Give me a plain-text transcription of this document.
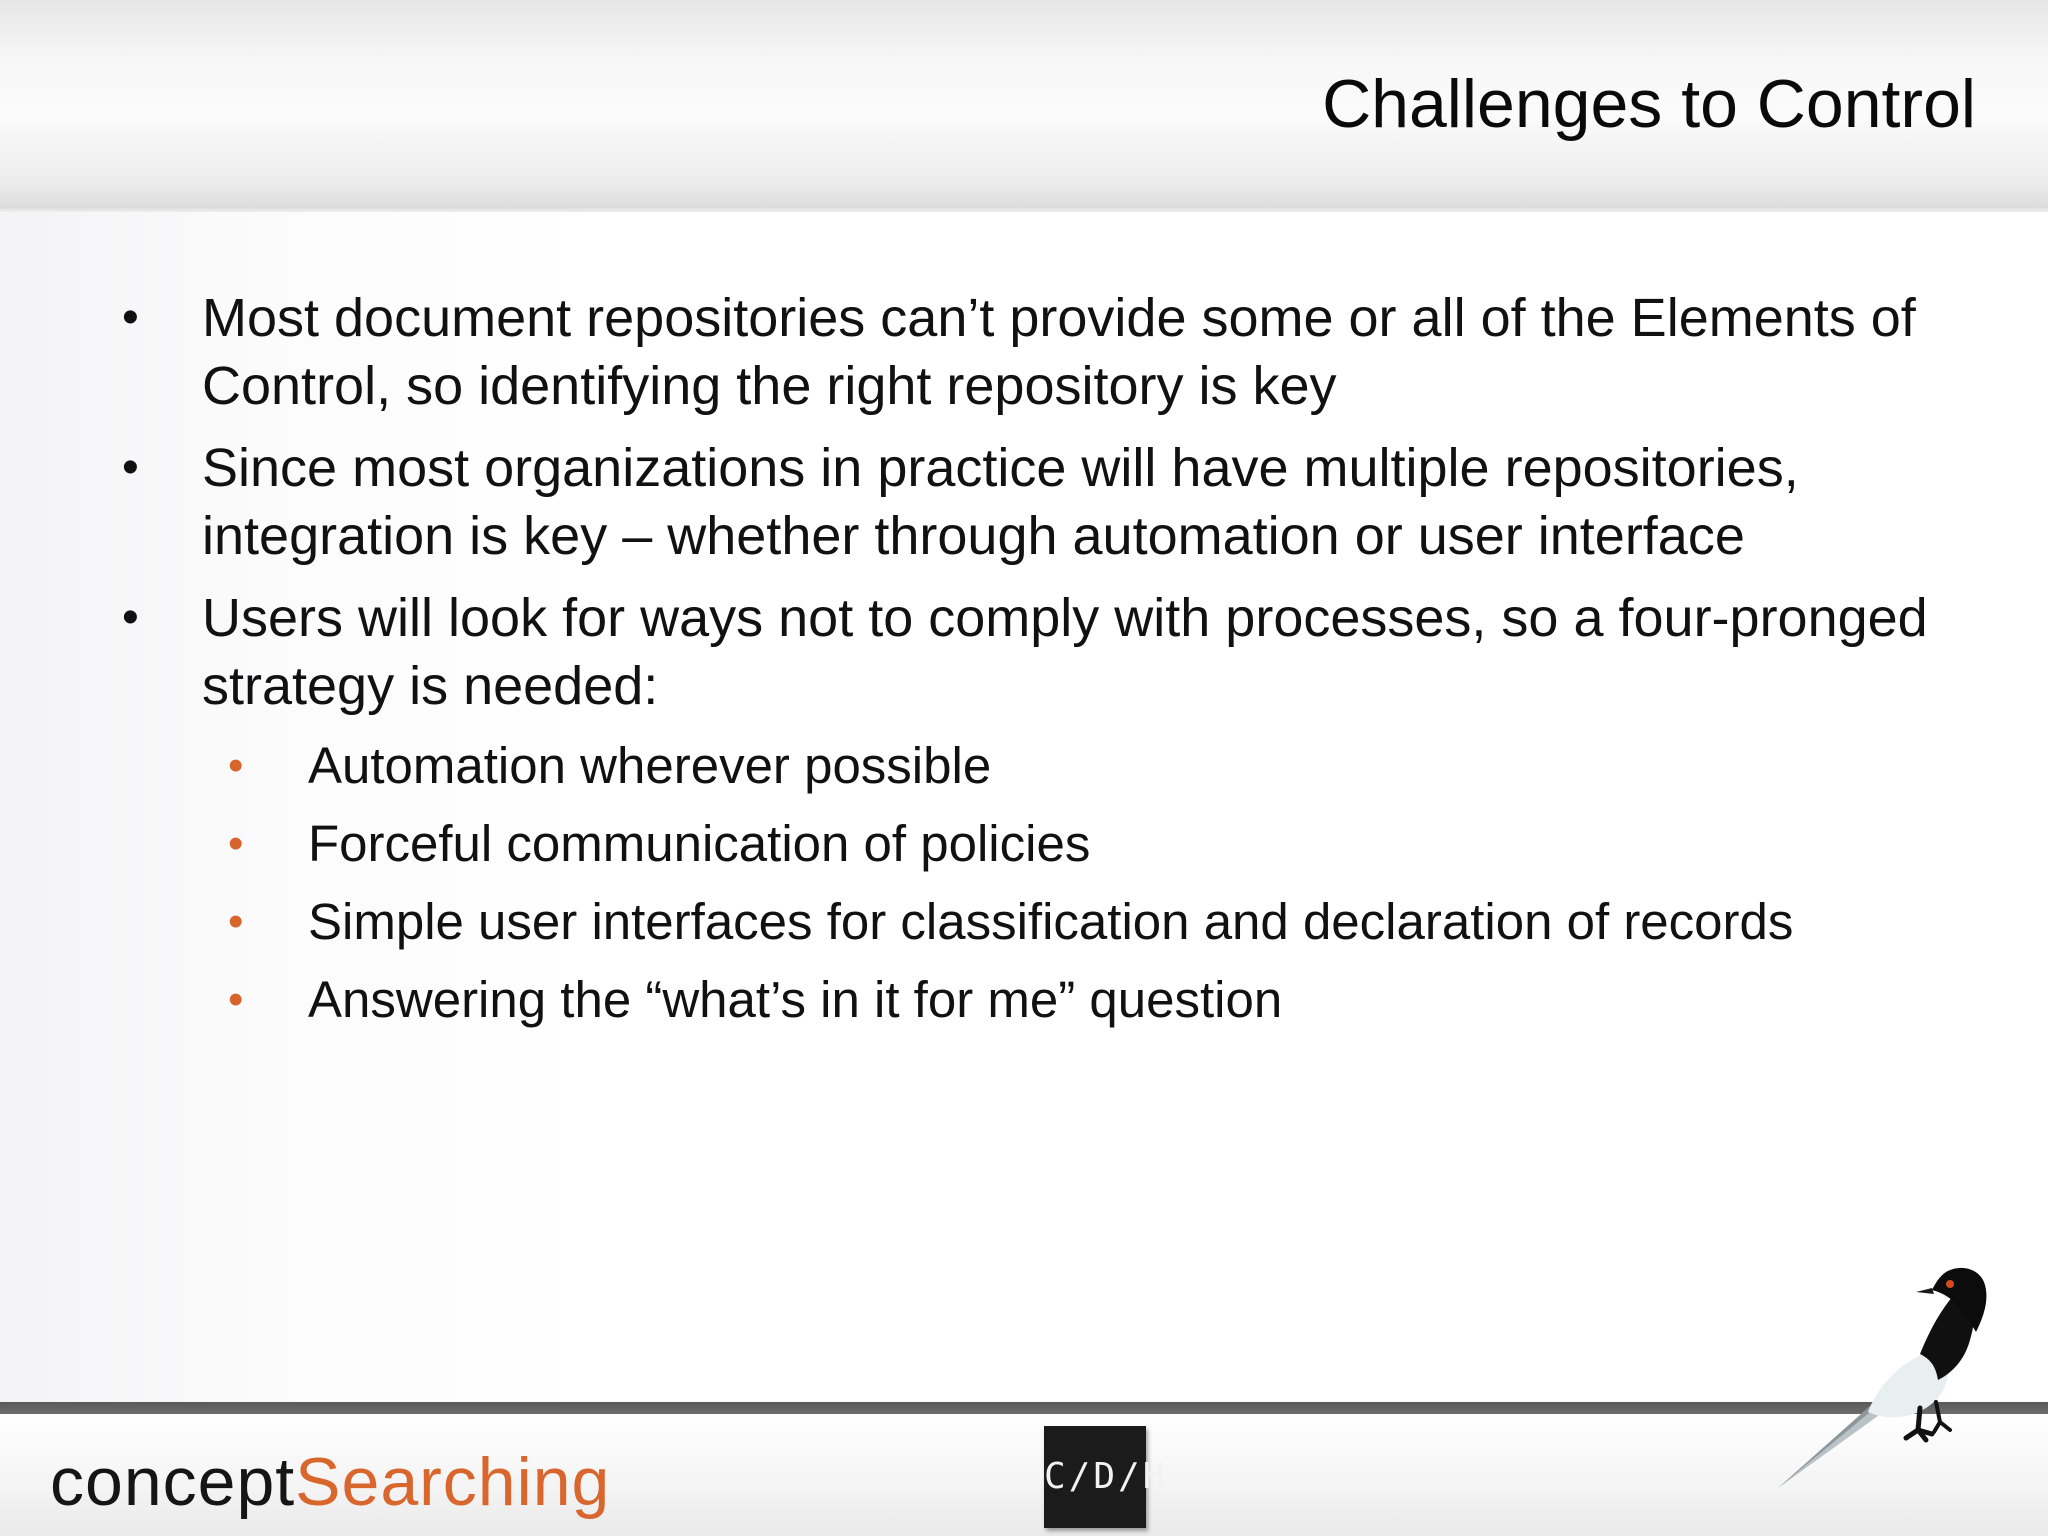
Challenges to Control
• Most document repositories can’t provide some or all of the Elements of Control, so identifying the right repository is key
• Since most organizations in practice will have multiple repositories, integration is key – whether through automation or user interface
• Users will look for ways not to comply with processes, so a four-pronged strategy is needed:
• Automation wherever possible
• Forceful communication of policies
• Simple user interfaces for classification and declaration of records
• Answering the “what’s in it for me” question
conceptSearching	C/D/H
